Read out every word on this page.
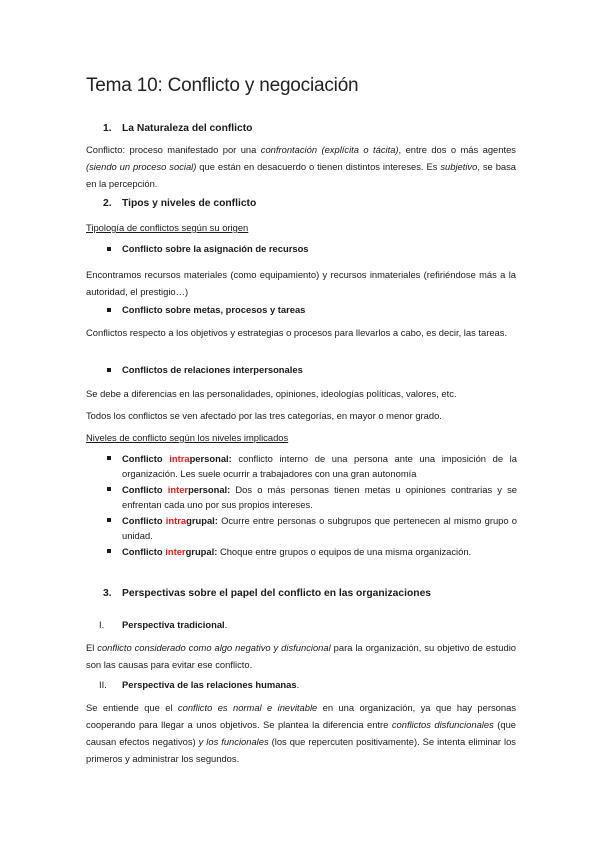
Tema 10: Conflicto y negociación
1. La Naturaleza del conflicto

Conflicto: proceso manifestado por una confrontación (explícita o tácita), entre dos o más agentes (siendo un proceso social) que están en desacuerdo o tienen distintos intereses. Es subjetivo, se basa en la percepción.

2. Tipos y niveles de conflicto

Tipología de conflictos según su origen

Conflicto sobre la asignación de recursos

Encontramos recursos materiales (como equipamiento) y recursos inmateriales (refiriéndose más a la autoridad, el prestigio…)

Conflicto sobre metas, procesos y tareas

Conflictos respecto a los objetivos y estrategias o procesos para llevarlos a cabo, es decir, las tareas.

Conflictos de relaciones interpersonales

Se debe a diferencias en las personalidades, opiniones, ideologías políticas, valores, etc.

Todos los conflictos se ven afectado por las tres categorías, en mayor o menor grado.

Niveles de conflicto según los niveles implicados

Conflicto intrapersonal: conflicto interno de una persona ante una imposición de la organización. Les suele ocurrir a trabajadores con una gran autonomía
Conflicto interpersonal: Dos o más personas tienen metas u opiniones contrarias y se enfrentan cada uno por sus propios intereses.
Conflicto intragrupal: Ocurre entre personas o subgrupos que pertenecen al mismo grupo o unidad.
Conflicto intergrupal: Choque entre grupos o equipos de una misma organización.
3. Perspectivas sobre el papel del conflicto en las organizaciones

I. Perspectiva tradicional.

El conflicto considerado como algo negativo y disfuncional para la organización, su objetivo de estudio son las causas para evitar ese conflicto.

II. Perspectiva de las relaciones humanas.

Se entiende que el conflicto es normal e inevitable en una organización, ya que hay personas cooperando para llegar a unos objetivos. Se plantea la diferencia entre conflictos disfuncionales (que causan efectos negativos) y los funcionales (los que repercuten positivamente). Se intenta eliminar los primeros y administrar los segundos.
